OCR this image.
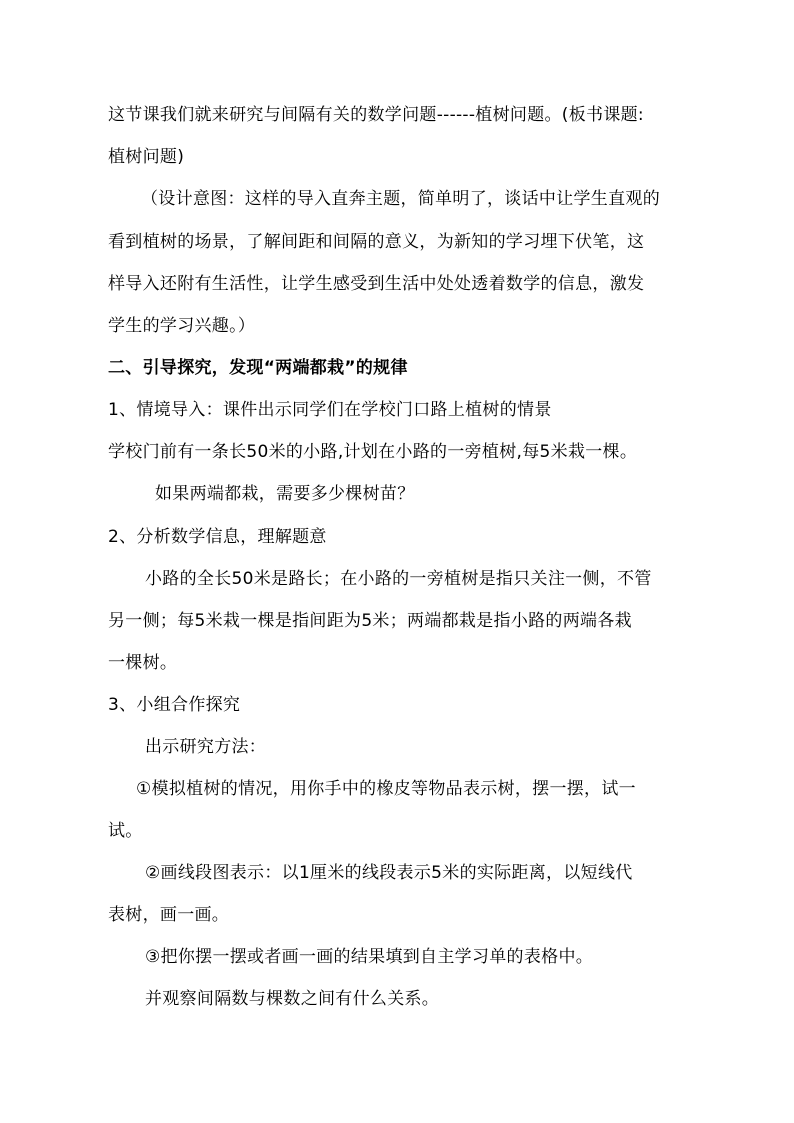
这节课我们就来研究与间隔有关的数学问题------植树问题。(板书课题:
植树问题)
（设计意图：这样的导入直奔主题，简单明了，谈话中让学生直观的
看到植树的场景，了解间距和间隔的意义，为新知的学习埋下伏笔，这
样导入还附有生活性，让学生感受到生活中处处透着数学的信息，激发
学生的学习兴趣。）
二、引导探究，发现“两端都栽”的规律
1、情境导入：课件出示同学们在学校门口路上植树的情景
学校门前有一条长50米的小路,计划在小路的一旁植树,每5米栽一棵。
如果两端都栽，需要多少棵树苗？
2、分析数学信息，理解题意
小路的全长50米是路长；在小路的一旁植树是指只关注一侧，不管
另一侧；每5米栽一棵是指间距为5米；两端都栽是指小路的两端各栽
一棵树。
3、小组合作探究
出示研究方法：
①模拟植树的情况，用你手中的橡皮等物品表示树，摆一摆，试一
试。
②画线段图表示：以1厘米的线段表示5米的实际距离，以短线代
表树，画一画。
③把你摆一摆或者画一画的结果填到自主学习单的表格中。
并观察间隔数与棵数之间有什么关系。
